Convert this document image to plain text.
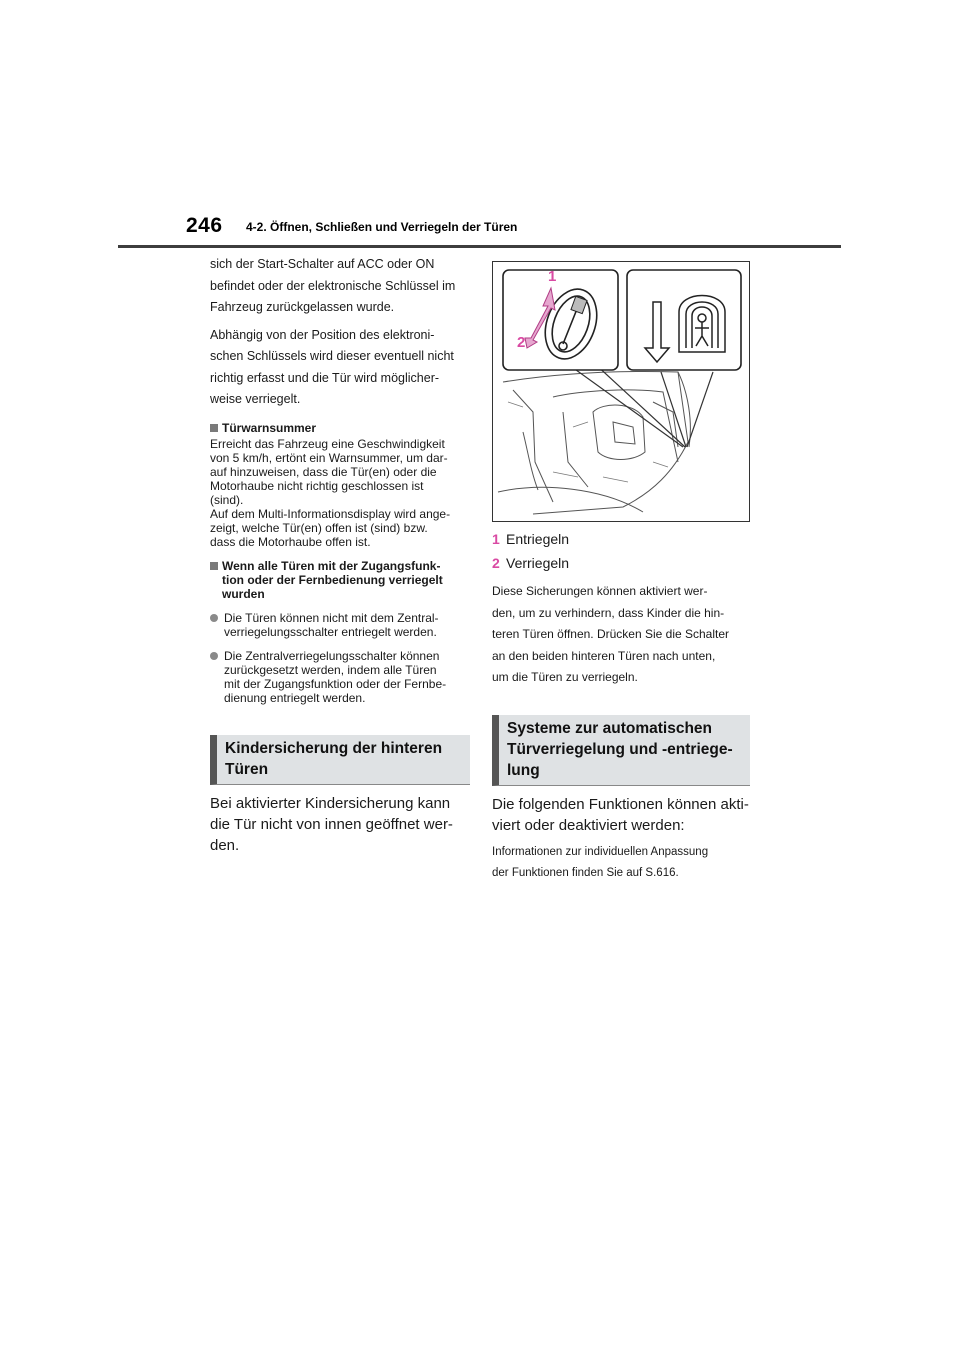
246 4-2. Öffnen, Schließen und Verriegeln der Türen

sich der Start-Schalter auf ACC oder ON

befindet oder der elektronische Schlüssel im

Fahrzeug zurückgelassen wurde.

Abhängig von der Position des elektroni-

schen Schlüssels wird dieser eventuell nicht

richtig erfasst und die Tür wird möglicher-

weise verriegelt.

Türwarnsummer

Erreicht das Fahrzeug eine Geschwindigkeit

von 5 km/h, ertönt ein Warnsummer, um dar-

auf hinzuweisen, dass die Tür(en) oder die

Motorhaube nicht richtig geschlossen ist

(sind).

Auf dem Multi-Informationsdisplay wird ange-

zeigt, welche Tür(en) offen ist (sind) bzw.

dass die Motorhaube offen ist.

Wenn alle Türen mit der Zugangsfunk-
tion oder der Fernbedienung verriegelt
wurden
Die Türen können nicht mit dem Zentral-
verriegelungsschalter entriegelt werden.
Die Zentralverriegelungsschalter können
zurückgesetzt werden, indem alle Türen
mit der Zugangsfunktion oder der Fernbe-
dienung entriegelt werden.
Kindersicherung der hinteren
Türen

Bei aktivierter Kindersicherung kann

die Tür nicht von innen geöffnet wer-

den.

1
2
1 Entriegeln
2 Verriegeln

Diese Sicherungen können aktiviert wer-

den, um zu verhindern, dass Kinder die hin-

teren Türen öffnen. Drücken Sie die Schalter

an den beiden hinteren Türen nach unten,

um die Türen zu verriegeln.

Systeme zur automatischen
Türverriegelung und -entriege-
lung

Die folgenden Funktionen können akti-

viert oder deaktiviert werden:

Informationen zur individuellen Anpassung

der Funktionen finden Sie auf S.616.
